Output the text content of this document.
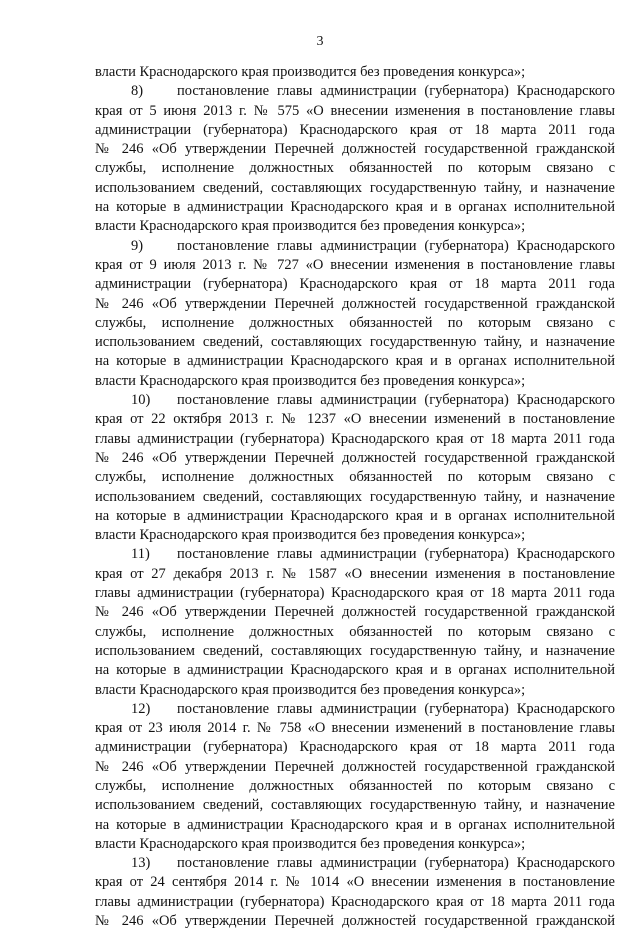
3
власти Краснодарского края производится без проведения конкурса»;
8) постановление главы администрации (губернатора) Краснодарского
края от 5 июня 2013 г. № 575 «О внесении изменения в постановление главы
администрации (губернатора) Краснодарского края от 18 марта 2011 года
№ 246 «Об утверждении Перечней должностей государственной гражданской
службы, исполнение должностных обязанностей по которым связано с
использованием сведений, составляющих государственную тайну, и назначение
на которые в администрации Краснодарского края и в органах исполнительной
власти Краснодарского края производится без проведения конкурса»;
9) постановление главы администрации (губернатора) Краснодарского
края от 9 июля 2013 г. № 727 «О внесении изменения в постановление главы
администрации (губернатора) Краснодарского края от 18 марта 2011 года
№ 246 «Об утверждении Перечней должностей государственной гражданской
службы, исполнение должностных обязанностей по которым связано с
использованием сведений, составляющих государственную тайну, и назначение
на которые в администрации Краснодарского края и в органах исполнительной
власти Краснодарского края производится без проведения конкурса»;
10) постановление главы администрации (губернатора) Краснодарского
края от 22 октября 2013 г. № 1237 «О внесении изменений в постановление
главы администрации (губернатора) Краснодарского края от 18 марта 2011 года
№ 246 «Об утверждении Перечней должностей государственной гражданской
службы, исполнение должностных обязанностей по которым связано с
использованием сведений, составляющих государственную тайну, и назначение
на которые в администрации Краснодарского края и в органах исполнительной
власти Краснодарского края производится без проведения конкурса»;
11) постановление главы администрации (губернатора) Краснодарского
края от 27 декабря 2013 г. № 1587 «О внесении изменения в постановление
главы администрации (губернатора) Краснодарского края от 18 марта 2011 года
№ 246 «Об утверждении Перечней должностей государственной гражданской
службы, исполнение должностных обязанностей по которым связано с
использованием сведений, составляющих государственную тайну, и назначение
на которые в администрации Краснодарского края и в органах исполнительной
власти Краснодарского края производится без проведения конкурса»;
12) постановление главы администрации (губернатора) Краснодарского
края от 23 июля 2014 г. № 758 «О внесении изменений в постановление главы
администрации (губернатора) Краснодарского края от 18 марта 2011 года
№ 246 «Об утверждении Перечней должностей государственной гражданской
службы, исполнение должностных обязанностей по которым связано с
использованием сведений, составляющих государственную тайну, и назначение
на которые в администрации Краснодарского края и в органах исполнительной
власти Краснодарского края производится без проведения конкурса»;
13) постановление главы администрации (губернатора) Краснодарского
края от 24 сентября 2014 г. № 1014 «О внесении изменения в постановление
главы администрации (губернатора) Краснодарского края от 18 марта 2011 года
№ 246 «Об утверждении Перечней должностей государственной гражданской
